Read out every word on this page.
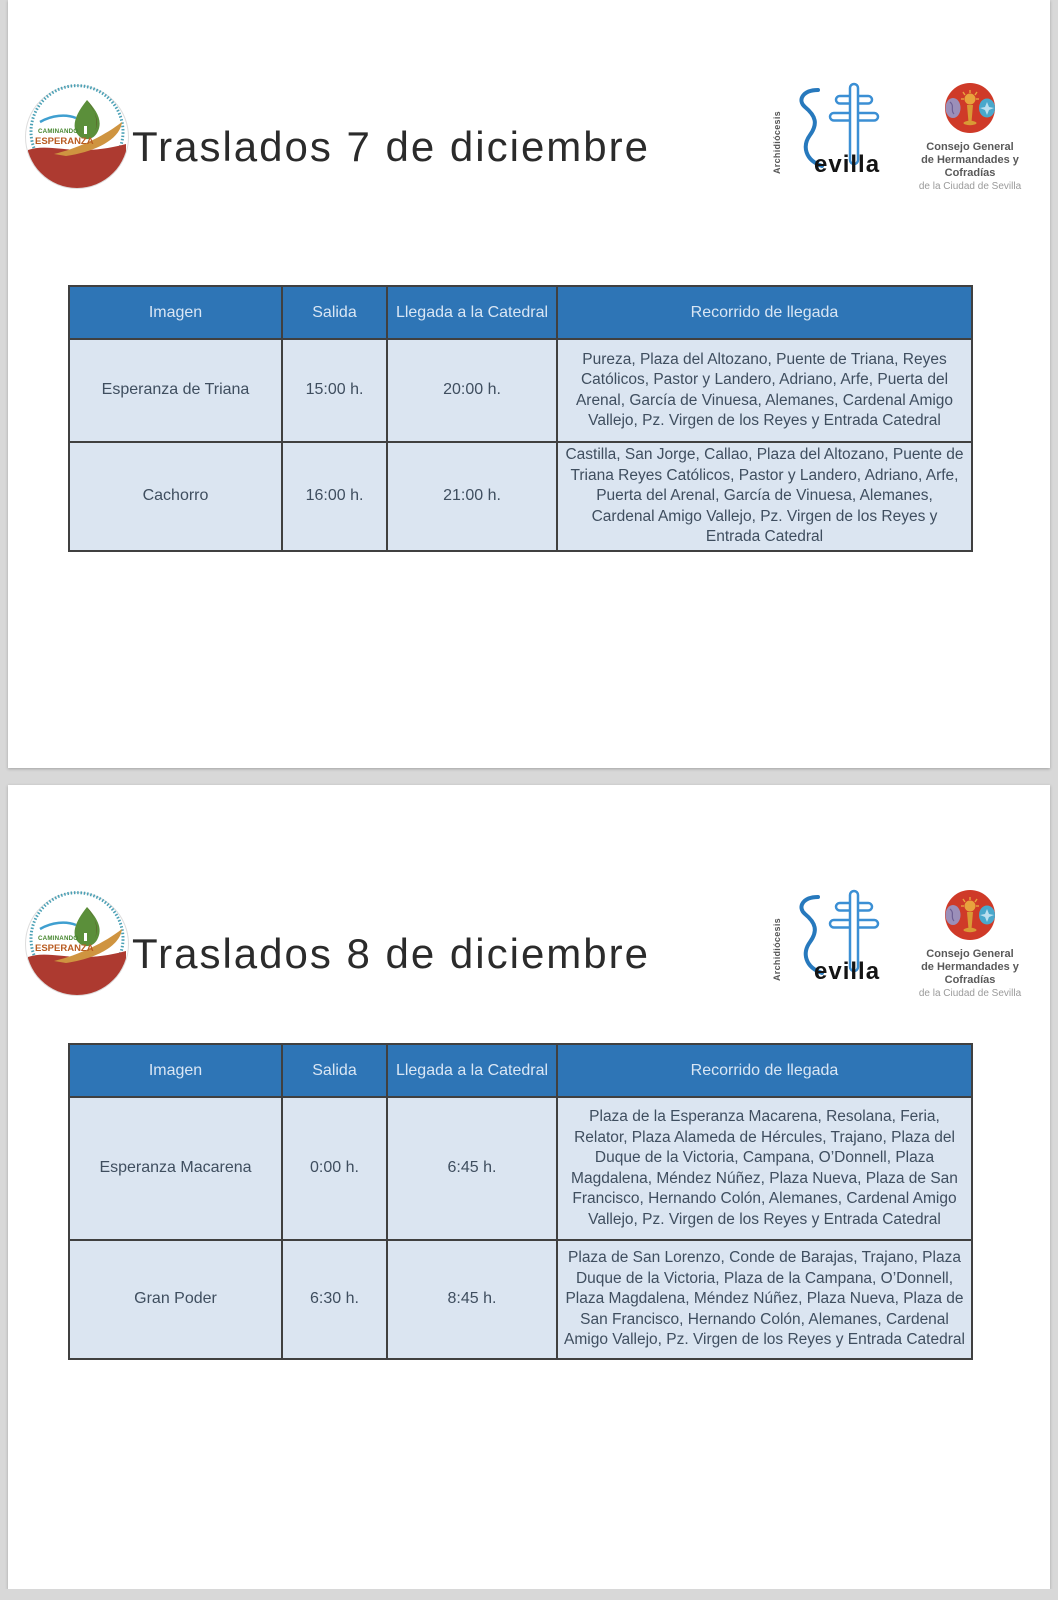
CAMINANDO
ESPERANZA Traslados 7 de diciembre	Archidiócesis evilla
Consejo General
de Hermandades y Cofradías
de la Ciudad de Sevilla
Imagen	Salida	Llegada a la Catedral	Recorrido de llegada
Esperanza de Triana	15:00 h.	20:00 h.	Pureza, Plaza del Altozano, Puente de Triana, Reyes Católicos, Pastor y Landero, Adriano, Arfe, Puerta del Arenal, García de Vinuesa, Alemanes, Cardenal Amigo Vallejo, Pz. Virgen de los Reyes y Entrada Catedral
Cachorro	16:00 h.	21:00 h.	Castilla, San Jorge, Callao, Plaza del Altozano, Puente de Triana Reyes Católicos, Pastor y Landero, Adriano, Arfe, Puerta del Arenal, García de Vinuesa, Alemanes, Cardenal Amigo Vallejo, Pz. Virgen de los Reyes y Entrada Catedral
CAMINANDO
ESPERANZA Traslados 8 de diciembre	Archidiócesis evilla
Consejo General
de Hermandades y Cofradías
de la Ciudad de Sevilla
Imagen	Salida	Llegada a la Catedral	Recorrido de llegada
Esperanza Macarena	0:00 h.	6:45 h.	Plaza de la Esperanza Macarena, Resolana, Feria, Relator, Plaza Alameda de Hércules, Trajano, Plaza del Duque de la Victoria, Campana, O’Donnell, Plaza Magdalena, Méndez Núñez, Plaza Nueva, Plaza de San Francisco, Hernando Colón, Alemanes, Cardenal Amigo Vallejo, Pz. Virgen de los Reyes y Entrada Catedral
Gran Poder	6:30 h.	8:45 h.	Plaza de San Lorenzo, Conde de Barajas, Trajano, Plaza Duque de la Victoria, Plaza de la Campana, O’Donnell, Plaza Magdalena, Méndez Núñez, Plaza Nueva, Plaza de San Francisco, Hernando Colón, Alemanes, Cardenal Amigo Vallejo, Pz. Virgen de los Reyes y Entrada Catedral
